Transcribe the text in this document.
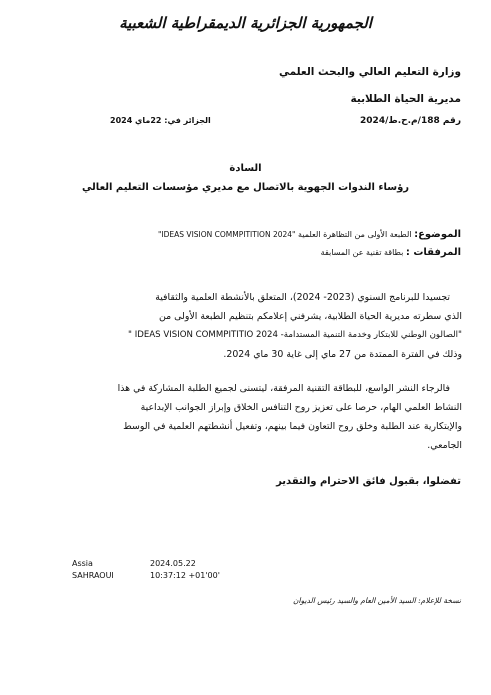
الجمهورية الجزائرية الديمقراطية الشعبية
وزارة التعليم العالي والبحث العلمي
مديرية الحياة الطلابية
رقم 188/م.ح.ط/2024
الجزائر في: 22ماي 2024
السادة
رؤساء الندوات الجهوية بالاتصال مع مديري مؤسسات التعليم العالي
الموضوع: الطبعة الأولى من التظاهرة العلمية "IDEAS VISION COMMPITITION 2024"
المرفقات : بطاقة تقنية عن المسابقة
تجسيدا للبرنامج السنوي (2023- 2024)، المتعلق بالأنشطة العلمية والثقافية
الذي سطرته مديرية الحياة الطلابية، يشرفني إعلامكم بتنظيم الطبعة الأولى من
"الصالون الوطني للابتكار وخدمة التنمية المستدامة- 2024 IDEAS VISION COMMPITITIO "
وذلك في الفترة الممتدة من 27 ماي إلى غاية 30 ماي 2024.
فالرجاء النشر الواسع، للبطاقة التقنية المرفقة، ليتسنى لجميع الطلبة المشاركة في هذا
النشاط العلمي الهام، حرصا على تعزيز روح التنافس الخلاق وإبراز الجوانب الإبداعية
والإبتكارية عند الطلبة وخلق روح التعاون فيما بينهم، وتفعيل أنشطتهم العلمية في الوسط
الجامعي.
تفضلوا، بقبول فائق الاحترام والتقدير
Assia
SAHRAOUI
2024.05.22
10:37:12 +01'00'
نسخة للإعلام: السيد الأمين العام والسيد رئيس الديوان
